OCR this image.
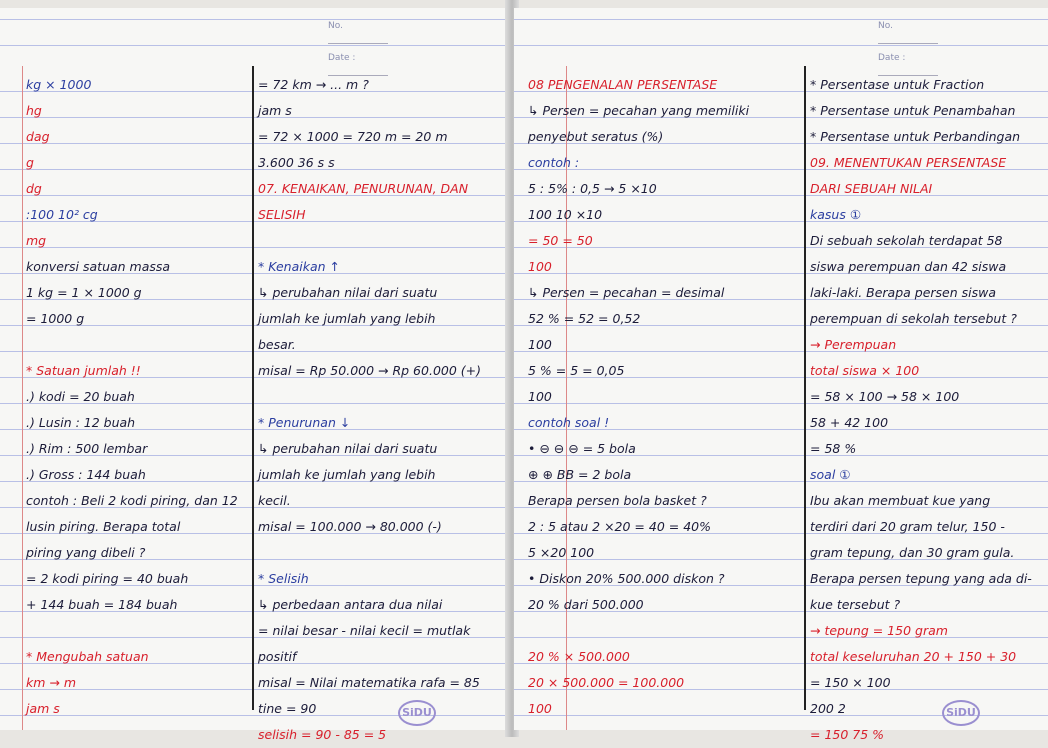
No.
Date :
kg × 1000
hg
dag
g
dg
:100 10² cg
mg
konversi satuan massa
1 kg = 1 × 1000 g
= 1000 g
* Satuan jumlah !!
.) kodi = 20 buah
.) Lusin : 12 buah
.) Rim : 500 lembar
.) Gross : 144 buah
contoh : Beli 2 kodi piring, dan 12
lusin piring. Berapa total
piring yang dibeli ?
= 2 kodi piring = 40 buah
+ 144 buah = 184 buah
* Mengubah satuan
km → m
jam s
= 72 km → ... m ?
jam s
= 72 × 1000 = 720 m = 20 m
3.600 36 s s
07. KENAIKAN, PENURUNAN, DAN
SELISIH
* Kenaikan ↑
↳ perubahan nilai dari suatu
jumlah ke jumlah yang lebih
besar.
misal = Rp 50.000 → Rp 60.000 (+)
* Penurunan ↓
↳ perubahan nilai dari suatu
jumlah ke jumlah yang lebih
kecil.
misal = 100.000 → 80.000 (-)
* Selisih
↳ perbedaan antara dua nilai
= nilai besar - nilai kecil = mutlak
positif
misal = Nilai matematika rafa = 85
tine = 90
selisih = 90 - 85 = 5
SiDU
No.
Date :
08 PENGENALAN PERSENTASE
↳ Persen = pecahan yang memiliki
penyebut seratus (%)
contoh :
5 : 5% : 0,5 → 5 ×10
100 10 ×10
= 50 = 50
100
↳ Persen = pecahan = desimal
52 % = 52 = 0,52
100
5 % = 5 = 0,05
100
contoh soal !
• ⊖ ⊖ ⊖ = 5 bola
⊕ ⊕ BB = 2 bola
Berapa persen bola basket ?
2 : 5 atau 2 ×20 = 40 = 40%
5 ×20 100
• Diskon 20% 500.000 diskon ?
20 % dari 500.000
20 % × 500.000
20 × 500.000 = 100.000
100
* Persentase untuk Fraction
* Persentase untuk Penambahan
* Persentase untuk Perbandingan
09. MENENTUKAN PERSENTASE
DARI SEBUAH NILAI
kasus ①
Di sebuah sekolah terdapat 58
siswa perempuan dan 42 siswa
laki-laki. Berapa persen siswa
perempuan di sekolah tersebut ?
→ Perempuan
total siswa × 100
= 58 × 100 → 58 × 100
58 + 42 100
= 58 %
soal ①
Ibu akan membuat kue yang
terdiri dari 20 gram telur, 150 -
gram tepung, dan 30 gram gula.
Berapa persen tepung yang ada di-
kue tersebut ?
→ tepung = 150 gram
total keseluruhan 20 + 150 + 30
= 150 × 100
200 2
= 150 75 %
SiDU
